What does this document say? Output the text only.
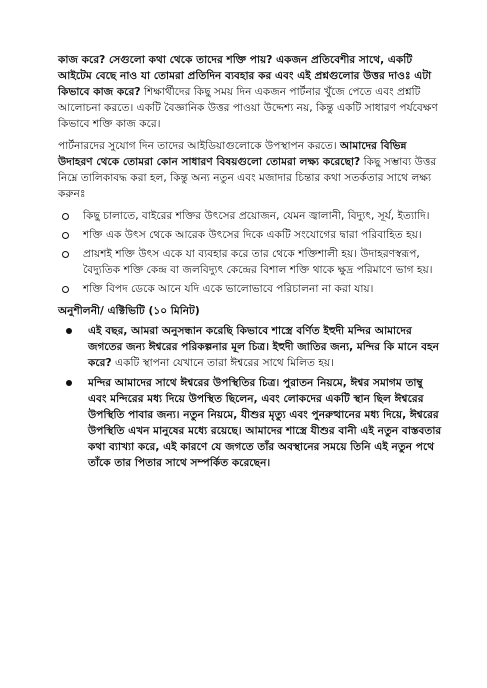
কাজ করে? সেগুলো কথা থেকে তাদের শক্তি পায়? একজন প্রতিবেশীর সাথে, একটি আইটেম বেছে নাও যা তোমরা প্রতিদিন ব্যবহার কর এবং এই প্রশ্নগুলোর উত্তর দাওঃ এটা কিভাবে কাজ করে? শিক্ষার্থীদের কিছু সময় দিন একজন পার্টনার খুঁজে পেতে এবং প্রশ্নটি আলোচনা করতে। একটি বৈজ্ঞানিক উত্তর পাওয়া উদ্দেশ্য নয়, কিন্তু একটি সাধারণ পর্যবেক্ষণ কিভাবে শক্তি কাজ করে।

পার্টনারদের সুযোগ দিন তাদের আইডিয়াগুলোকে উপস্থাপন করতে। আমাদের বিভিন্ন উদাহরণ থেকে তোমরা কোন সাধারণ বিষয়গুলো তোমরা লক্ষ্য করেছো? কিছু সম্ভাব্য উত্তর নিম্নে তালিকাবদ্ধ করা হল, কিন্তু অন্য নতুন এবং মজাদার চিন্তার কথা সতর্কতার সাথে লক্ষ্য করুনঃ

কিছু চালাতে, বাইরের শক্তির উৎসের প্রয়োজন, যেমন জ্বালানী, বিদ্যুৎ, সূর্য, ইত্যাদি।
শক্তি এক উৎস থেকে আরেক উৎসের দিকে একটি সংযোগের দ্বারা পরিবাহিত হয়।
প্রায়শই শক্তি উৎস একে যা ব্যবহার করে তার থেকে শক্তিশালী হয়। উদাহরণস্বরূপ, বৈদ্যুতিক শক্তি কেন্দ্র বা জলবিদ্যুৎ কেন্দ্রের বিশাল শক্তি থাকে ক্ষুদ্র পরিমাণে ভাগ হয়।
শক্তি বিপদ ডেকে আনে যদি একে ভালোভাবে পরিচালনা না করা যায়।

অনুশীলনী/ এক্টিভিটি (১০ মিনিট)

এই বছর, আমরা অনুসন্ধান করেছি কিভাবে শাস্ত্রে বর্ণিত ইহুদী মন্দির আমাদের জগতের জন্য ঈশ্বরের পরিকল্পনার মূল চিত্র। ইহুদী জাতির জন্য, মন্দির কি মানে বহন করে? একটি স্থাপনা যেখানে তারা ঈশ্বরের সাথে মিলিত হয়।
মন্দির আমাদের সাথে ঈশ্বরের উপস্থিতির চিত্র। পুরাতন নিয়মে, ঈশ্বর সমাগম তাম্বু এবং মন্দিরের মধ্য দিয়ে উপস্থিত ছিলেন, এবং লোকদের একটি স্থান ছিল ঈশ্বরের উপস্থিতি পাবার জন্য। নতুন নিয়মে, যীশুর মৃত্যু এবং পুনরুত্থানের মধ্য দিয়ে, ঈশ্বরের উপস্থিতি এখন মানুষের মধ্যে রয়েছে। আমাদের শাস্ত্রে যীশুর বানী এই নতুন বাস্তবতার কথা ব্যাখ্যা করে, এই কারণে যে জগতে তাঁর অবস্থানের সময়ে তিনি এই নতুন পথে তাঁকে তার পিতার সাথে সম্পর্কিত করেছেন।
